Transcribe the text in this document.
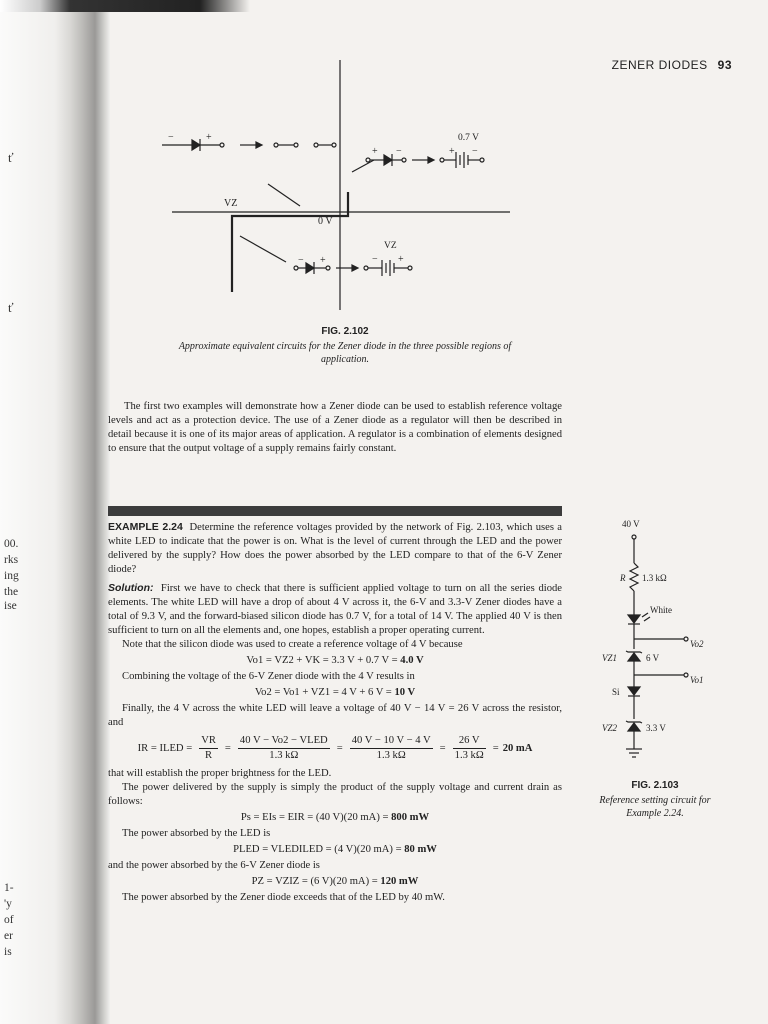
00.
rks
ing
the
ise
1-
'y
of
er
is
ť
ť
ZENER DIODES 93
−	+
+ −	+ −
0.7 V
VZ
0 V
− +	− +
VZ
FIG. 2.102
Approximate equivalent circuits for the Zener diode in the three possible regions of application.

The first two examples will demonstrate how a Zener diode can be used to establish reference voltage levels and act as a protection device. The use of a Zener diode as a regulator will then be described in detail because it is one of its major areas of application. A regulator is a combination of elements designed to ensure that the output voltage of a supply remains fairly constant.

EXAMPLE 2.24 Determine the reference voltages provided by the network of Fig. 2.103, which uses a white LED to indicate that the power is on. What is the level of current through the LED and the power delivered by the supply? How does the power absorbed by the LED compare to that of the 6-V Zener diode?

Solution: First we have to check that there is sufficient applied voltage to turn on all the series diode elements. The white LED will have a drop of about 4 V across it, the 6-V and 3.3-V Zener diodes have a total of 9.3 V, and the forward-biased silicon diode has 0.7 V, for a total of 14 V. The applied 40 V is then sufficient to turn on all the elements and, one hopes, establish a proper operating current.

Note that the silicon diode was used to create a reference voltage of 4 V because

Vo1 = VZ2 + VK = 3.3 V + 0.7 V = 4.0 V

Combining the voltage of the 6-V Zener diode with the 4 V results in

Vo2 = Vo1 + VZ1 = 4 V + 6 V = 10 V

Finally, the 4 V across the white LED will leave a voltage of 40 V − 14 V = 26 V across the resistor, and

IR = ILED = $\frac{VR}{R} = \frac{\text{40 V − Vo2 − VLED}}{1.3 k\Omega} = \frac{40 V - 10 V - 4 V}{1.3 k\Omega} = \frac{26 V}{1.3 k\Omega} = 20$ mA

that will establish the proper brightness for the LED.

The power delivered by the supply is simply the product of the supply voltage and current drain as follows:

Ps = EIs = EIR = (40 V)(20 mA) = 800 mW

The power absorbed by the LED is

PLED = VLEDILED = (4 V)(20 mA) = 80 mW

and the power absorbed by the 6-V Zener diode is

PZ = VZIZ = (6 V)(20 mA) = 120 mW

The power absorbed by the Zener diode exceeds that of the LED by 40 mW.

40 V
R 1.3 kΩ
White
Vo2
VZ1	6 V
Vo1
Si
VZ2	3.3 V
FIG. 2.103
Reference setting circuit for Example 2.24.
